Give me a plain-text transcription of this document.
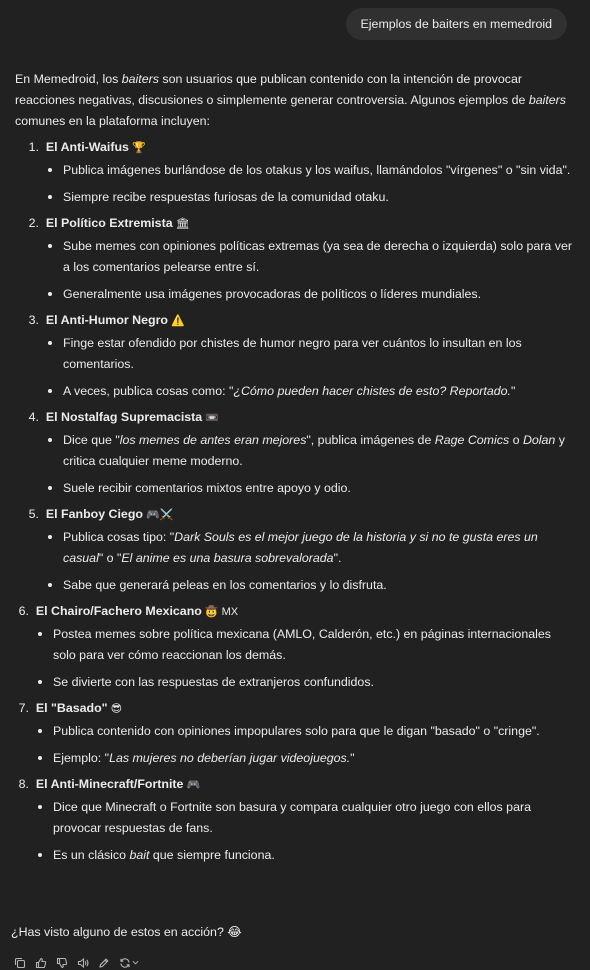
Ejemplos de baiters en memedroid

En Memedroid, los baiters son usuarios que publican contenido con la intención de provocar reacciones negativas, discusiones o simplemente generar controversia. Algunos ejemplos de baiters comunes en la plataforma incluyen:

1. El Anti-Waifus 🏆
Publica imágenes burlándose de los otakus y los waifus, llamándolos "vírgenes" o "sin vida".
Siempre recibe respuestas furiosas de la comunidad otaku.
2. El Político Extremista 🏛
Sube memes con opiniones políticas extremas (ya sea de derecha o izquierda) solo para ver a los comentarios pelearse entre sí.
Generalmente usa imágenes provocadoras de políticos o líderes mundiales.
3. El Anti-Humor Negro ⚠️
Finge estar ofendido por chistes de humor negro para ver cuántos lo insultan en los comentarios.
A veces, publica cosas como: "¿Cómo pueden hacer chistes de esto? Reportado."
4. El Nostalfag Supremacista 📼
Dice que "los memes de antes eran mejores", publica imágenes de Rage Comics o Dolan y critica cualquier meme moderno.
Suele recibir comentarios mixtos entre apoyo y odio.
5. El Fanboy Ciego 🎮⚔️
Publica cosas tipo: "Dark Souls es el mejor juego de la historia y si no te gusta eres un casual" o "El anime es una basura sobrevalorada".
Sabe que generará peleas en los comentarios y lo disfruta.
6. El Chairo/Fachero Mexicano 🤠 MX
Postea memes sobre política mexicana (AMLO, Calderón, etc.) en páginas internacionales solo para ver cómo reaccionan los demás.
Se divierte con las respuestas de extranjeros confundidos.
7. El "Basado" 😎
Publica contenido con opiniones impopulares solo para que le digan "basado" o "cringe".
Ejemplo: "Las mujeres no deberían jugar videojuegos."
8. El Anti-Minecraft/Fortnite 🎮
Dice que Minecraft o Fortnite son basura y compara cualquier otro juego con ellos para provocar respuestas de fans.
Es un clásico bait que siempre funciona.
¿Has visto alguno de estos en acción? 😂
